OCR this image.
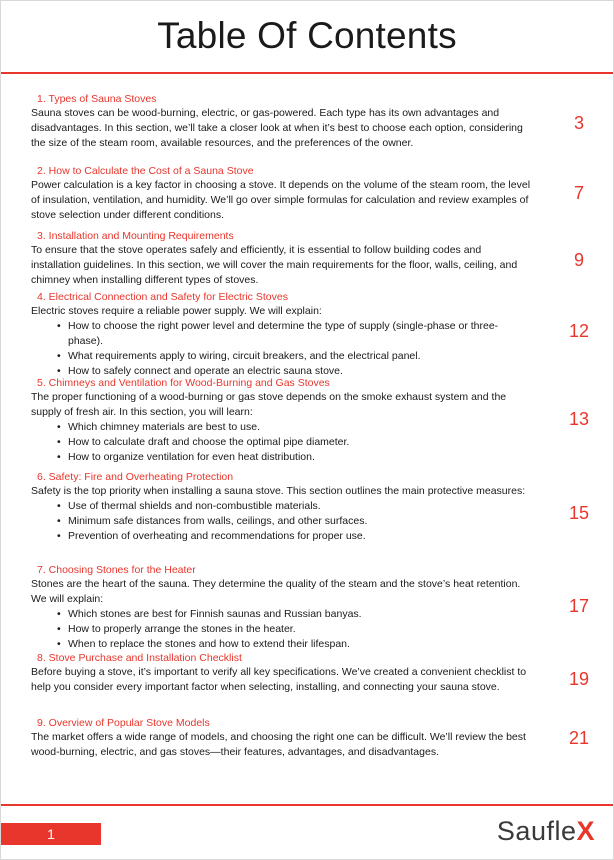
Table Of Contents

1. Types of Sauna Stoves

Sauna stoves can be wood-burning, electric, or gas-powered. Each type has its own advantages and disadvantages. In this section, we’ll take a closer look at when it’s best to choose each option, considering the size of the steam room, available resources, and the preferences of the owner.

3

2. How to Calculate the Cost of a Sauna Stove

Power calculation is a key factor in choosing a stove. It depends on the volume of the steam room, the level of insulation, ventilation, and humidity. We’ll go over simple formulas for calculation and review examples of stove selection under different conditions.

7

3. Installation and Mounting Requirements

To ensure that the stove operates safely and efficiently, it is essential to follow building codes and installation guidelines. In this section, we will cover the main requirements for the floor, walls, ceiling, and chimney when installing different types of stoves.

9

4. Electrical Connection and Safety for Electric Stoves

Electric stoves require a reliable power supply. We will explain:

• How to choose the right power level and determine the type of supply (single-phase or three-phase).
• What requirements apply to wiring, circuit breakers, and the electrical panel.
• How to safely connect and operate an electric sauna stove.
12

5. Chimneys and Ventilation for Wood-Burning and Gas Stoves

The proper functioning of a wood-burning or gas stove depends on the smoke exhaust system and the supply of fresh air. In this section, you will learn:

• Which chimney materials are best to use.
• How to calculate draft and choose the optimal pipe diameter.
• How to organize ventilation for even heat distribution.
13

6. Safety: Fire and Overheating Protection

Safety is the top priority when installing a sauna stove. This section outlines the main protective measures:

• Use of thermal shields and non-combustible materials.
• Minimum safe distances from walls, ceilings, and other surfaces.
• Prevention of overheating and recommendations for proper use.
15

7. Choosing Stones for the Heater

Stones are the heart of the sauna. They determine the quality of the steam and the stove’s heat retention. We will explain:

• Which stones are best for Finnish saunas and Russian banyas.
• How to properly arrange the stones in the heater.
• When to replace the stones and how to extend their lifespan.
17

8. Stove Purchase and Installation Checklist

Before buying a stove, it’s important to verify all key specifications. We’ve created a convenient checklist to help you consider every important factor when selecting, installing, and connecting your sauna stove.	19

9. Overview of Popular Stove Models

The market offers a wide range of models, and choosing the right one can be difficult. We’ll review the best wood-burning, electric, and gas stoves—their features, advantages, and disadvantages.

21
1	SaufleX
